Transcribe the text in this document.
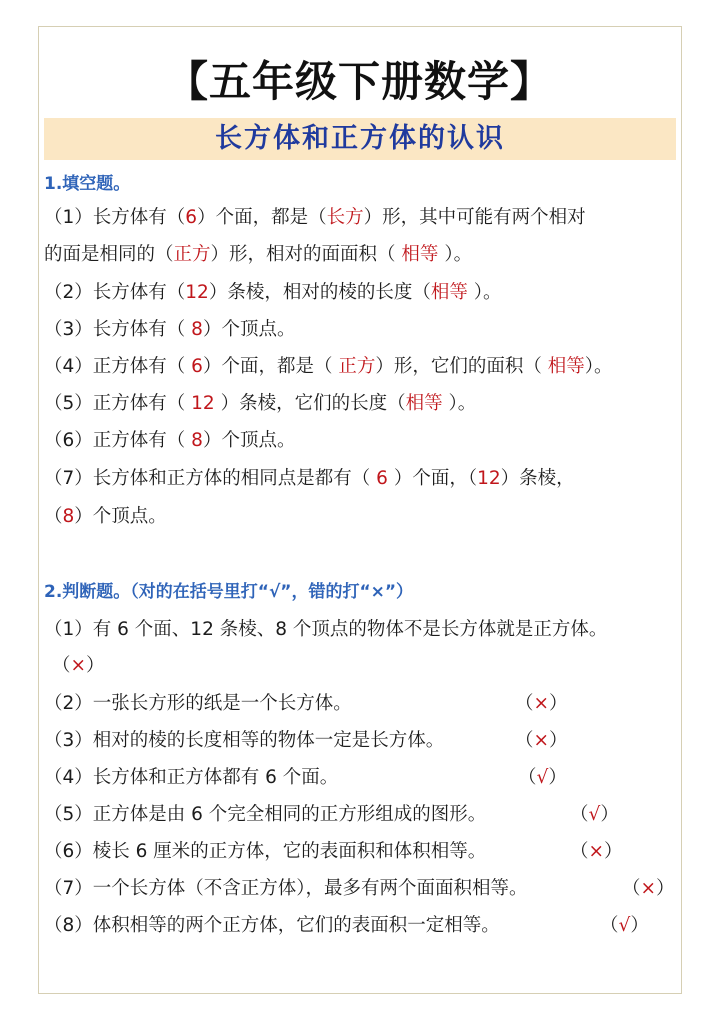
【五年级下册数学】
长方体和正方体的认识
1.填空题。
（1）长方体有（6）个面，都是（长方）形，其中可能有两个相对
的面是相同的（正方）形，相对的面面积（ 相等 ）。
（2）长方体有（12）条棱，相对的棱的长度（相等 ）。
（3）长方体有（ 8）个顶点。
（4）正方体有（ 6）个面，都是（ 正方）形，它们的面积（ 相等）。
（5）正方体有（ 12 ）条棱，它们的长度（相等 ）。
（6）正方体有（ 8）个顶点。
（7）长方体和正方体的相同点是都有（ 6 ）个面，（12）条棱，
（8）个顶点。
2.判断题。（对的在括号里打“√”，错的打“×”）
（1）有 6 个面、12 条棱、8 个顶点的物体不是长方体就是正方体。
（×）
（2）一张长方形的纸是一个长方体。	（×）
（3）相对的棱的长度相等的物体一定是长方体。	（×）
（4）长方体和正方体都有 6 个面。	（√）
（5）正方体是由 6 个完全相同的正方形组成的图形。	（√）
（6）棱长 6 厘米的正方体，它的表面积和体积相等。	（×）
（7）一个长方体（不含正方体），最多有两个面面积相等。	（×）
（8）体积相等的两个正方体，它们的表面积一定相等。	（√）
